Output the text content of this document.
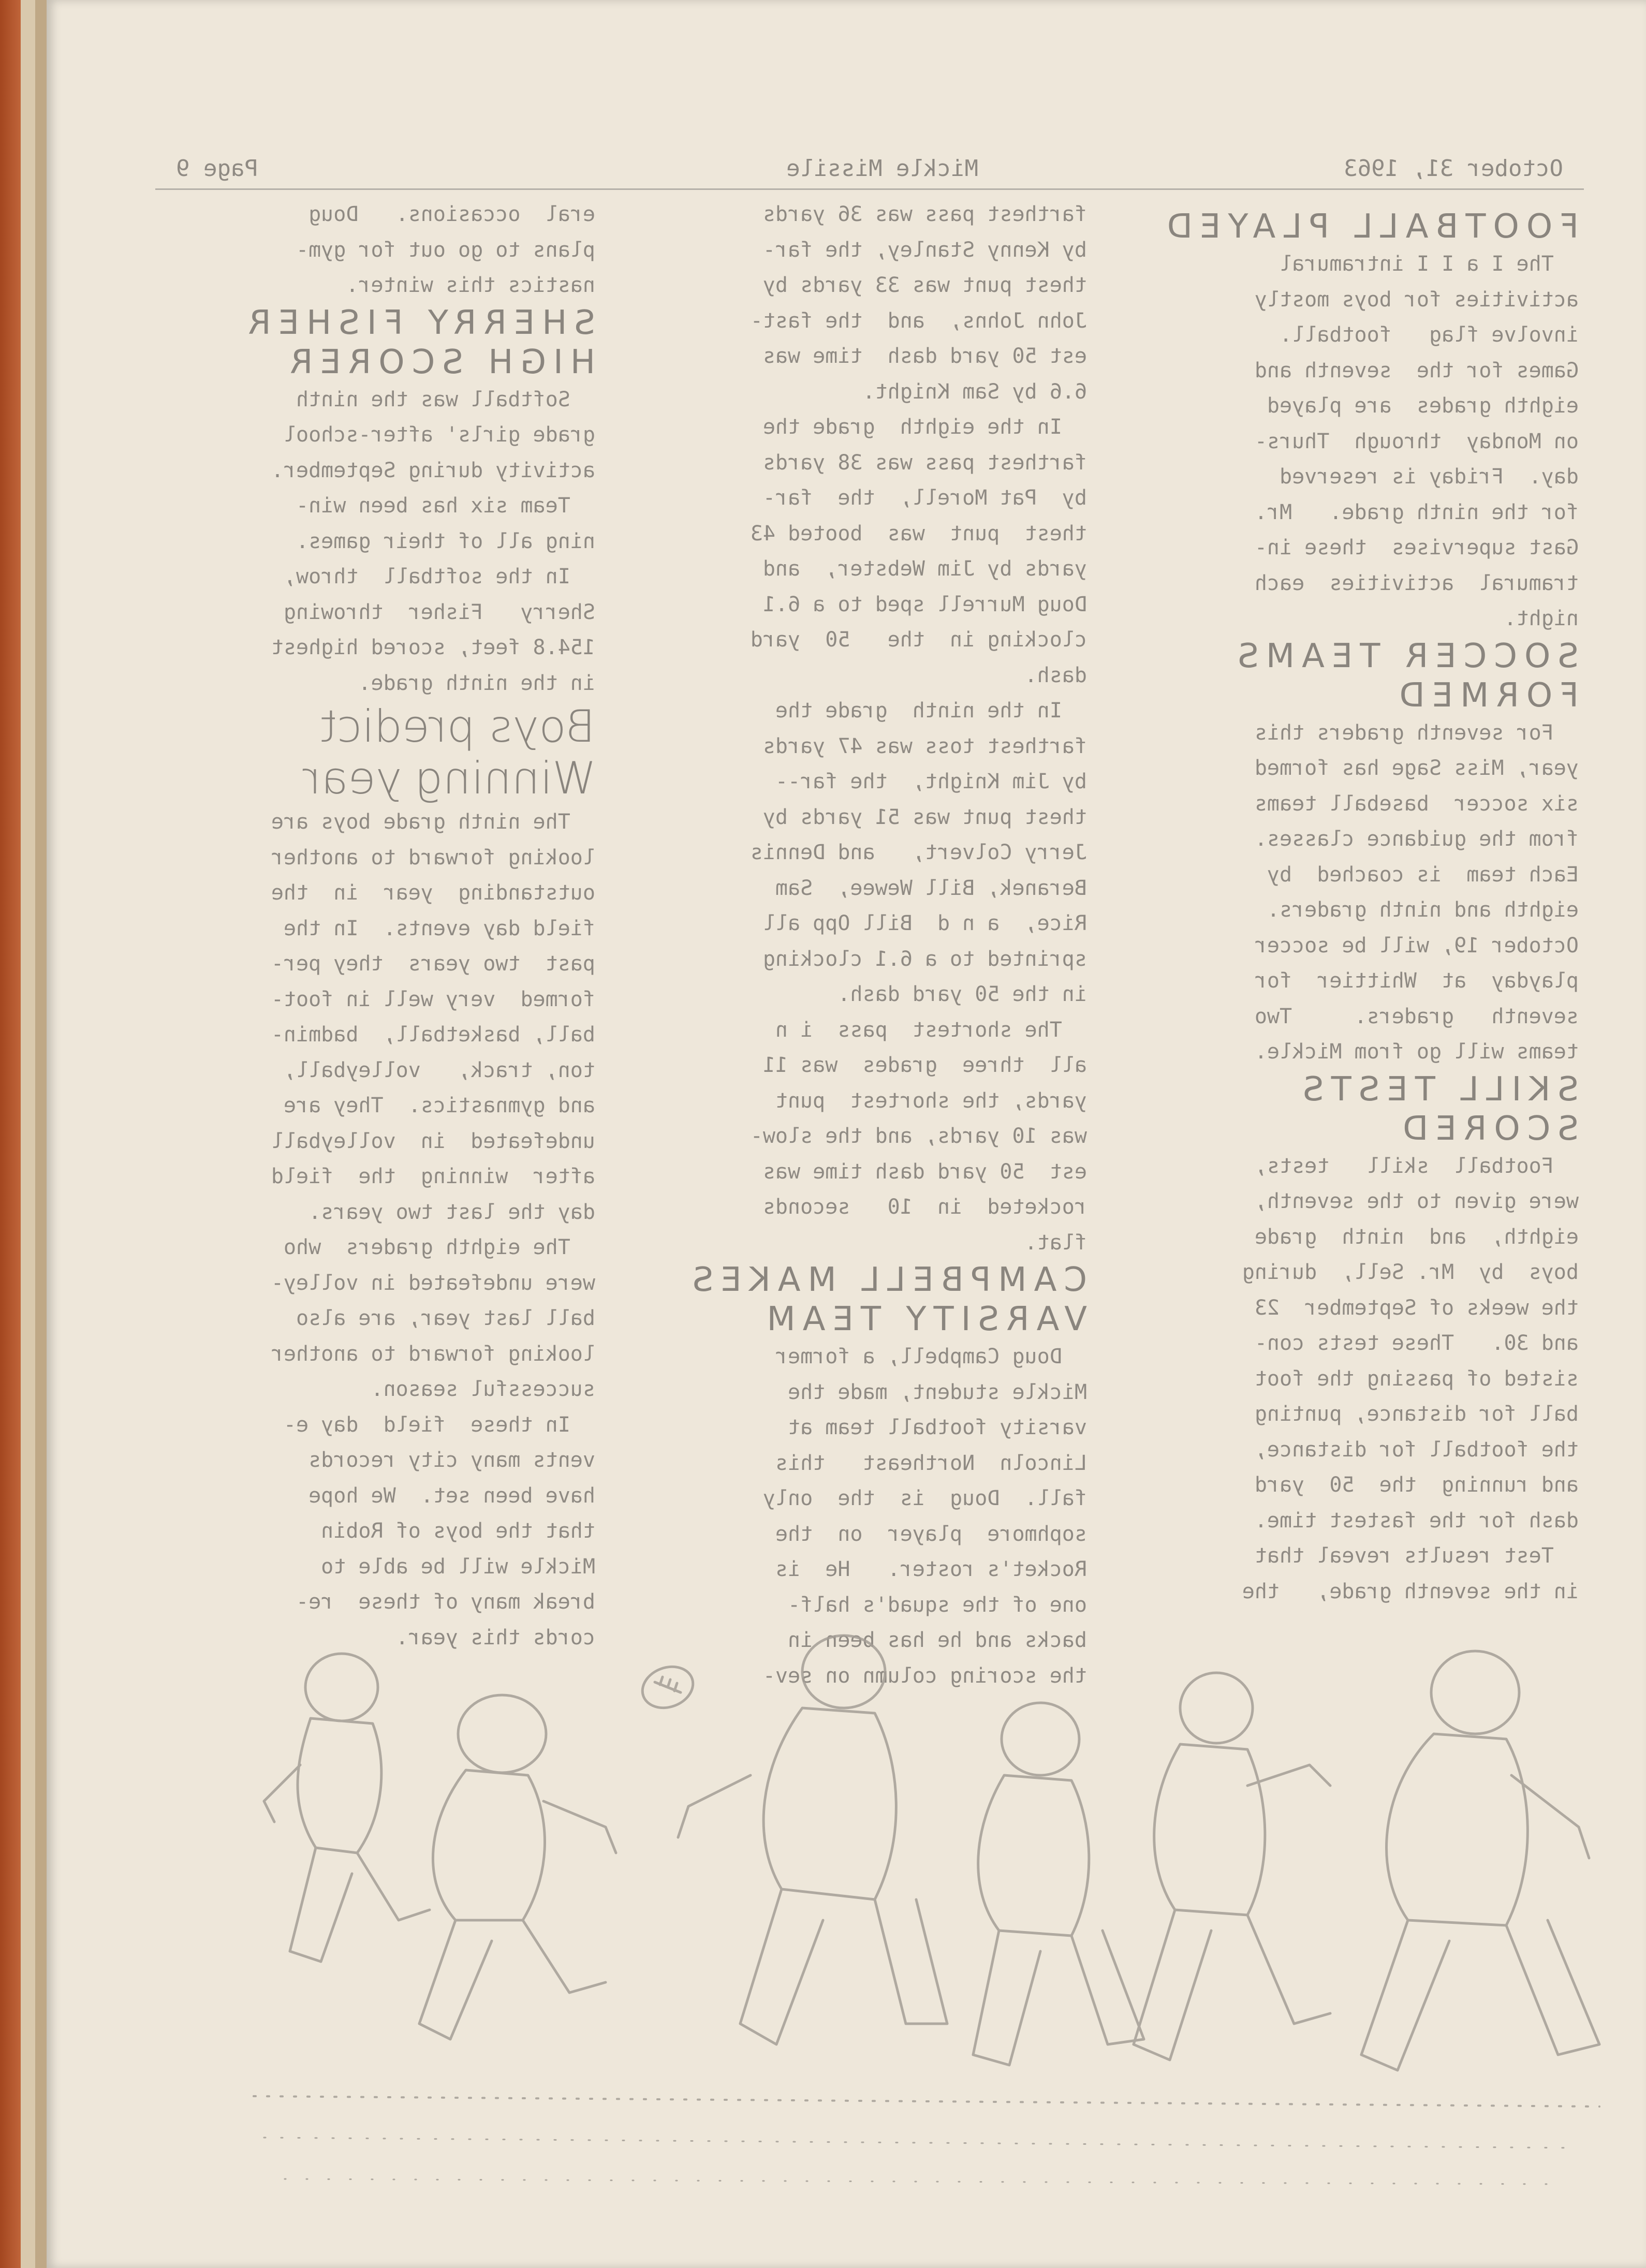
October 31, 1963
Mickle Missile
Page 9
FOOTBALL PLAYED
The I a I I intramural
activities for boys mostly
involve flag   football.
Games for the  seventh and
eighth grades  are played
on Monday  through  Thurs-
day.  Friday is reserved
for the ninth grade.   Mr.
Gast supervises  these in-
tramural  activities  each
night.
SOCCER TEAMS
FORMED
For seventh graders this
year, Miss Sage has formed
six soccer  baseball teams
from the guidance classes.
Each team  is coached  by
eighth and ninth graders.
October 19, will be soccer
playday  at  Whittier  for
seventh   graders.     Two
teams will go from Mickle.
SKILL TESTS
SCORED
Football  skill   tests,
were given to the seventh,
eighth,  and  ninth  grade
boys  by  Mr. Sell,  during
the weeks of September  23
and 30.   These tests con-
sisted of passing the foot
ball for distance, punting
the football for distance,
and running  the  50  yard
dash for the fastest time.
Test results reveal that
in the seventh grade,   the
farthest pass was 36 yards
by Kenny Stanley, the far-
thest punt was 33 yards by
John Johns,  and  the fast-
est 50 yard dash  time was
6.6 by Sam Knight.
In the eighth  grade the
farthest pass was 38 yards
by  Pat Morell,  the  far-
thest  punt  was  booted 43
yards by Jim Webster,  and
Doug Murrell sped to a 6.1
clocking in  the   50  yard
dash.
In the ninth  grade the
farthest toss was 47 yards
by Jim Knight,  the far--
thest punt was 51 yards by
Jerry Colvert,   and Dennis
Beranek, Bill Wewee,  Sam
Rice,  a n d  Bill Opp all
sprinted to a 6.1 clocking
in the 50 yard dash.
The shortest  pass  i n
all  three  grades  was 11
yards, the shortest  punt
was 10 yards, and the slow-
est  50 yard dash time was
rocketed  in  10   seconds
flat.
CAMPBELL MAKES
VARSITY TEAM
Doug Campbell, a former
Mickle student, made the
varsity football team at
Lincoln  Northeast   this
fall.  Doug  is  the  only
sophmore  player  on  the
Rocket's roster.   He  is
one of the squad's half-
backs and he has been in
the scoring column on sev-
eral  occasions.   Doug
plans to go out for gym-
nastics this winter.
SHERRY FISHER
HIGH SCORER
Softball was the ninth
grade girls' after-school
activity during September.
Team six has been win-
ning all of their games.
In the softball  throw,
Sherry   Fisher  throwing
154.8 feet, scored highest
in the ninth grade.
Boys predict
Winning year
The ninth grade boys are
looking forward to another
outstanding  year  in  the
field day events.  In the
past  two years  they per-
formed  very well in foot-
ball, basketball,  badmin-
ton, track,   volleyball,
and gymnastics.  They are
undefeated  in  volleyball
after  winning  the  field
day the last two years.
The eighth graders  who
were undefeated in volley-
ball last year, are also
looking forward to another
successful season.
In these  field  day e-
vents many city records
have been set.  We hope
that the boys of Robin
Mickle will be able to
break many of these  re-
cords this year.
